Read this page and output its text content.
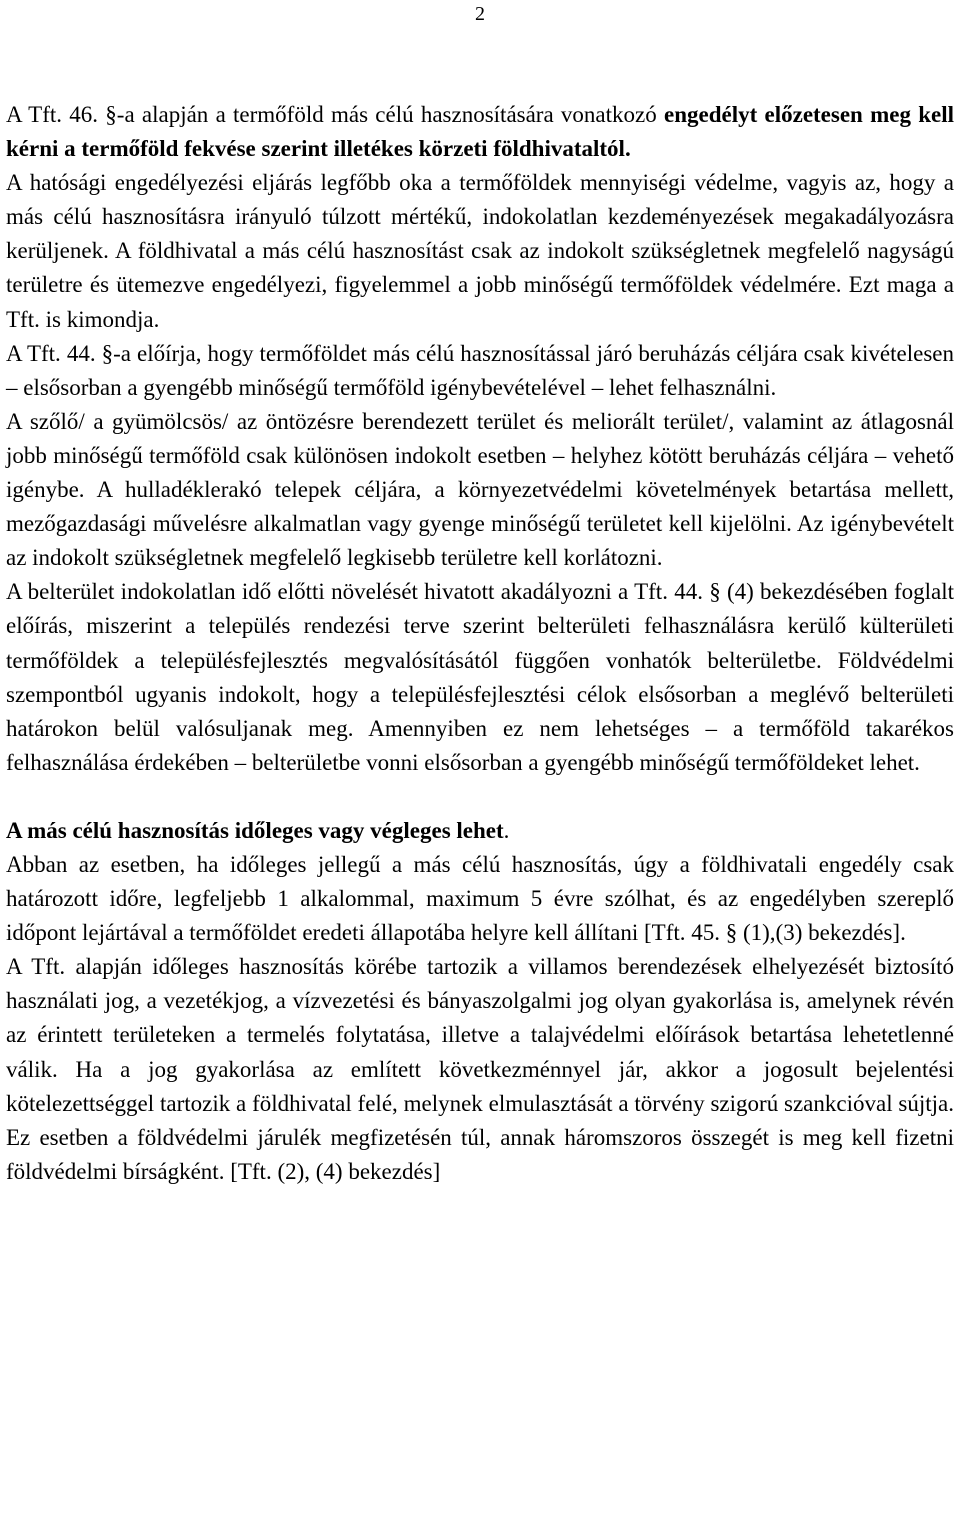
2

A Tft. 46. §-a alapján a termőföld más célú hasznosítására vonatkozó engedélyt előzetesen meg kell kérni a termőföld fekvése szerint illetékes körzeti földhivataltól.

A hatósági engedélyezési eljárás legfőbb oka a termőföldek mennyiségi védelme, vagyis az, hogy a más célú hasznosításra irányuló túlzott mértékű, indokolatlan kezdeményezések megakadályozásra kerüljenek. A földhivatal a más célú hasznosítást csak az indokolt szükségletnek megfelelő nagyságú területre és ütemezve engedélyezi, figyelemmel a jobb minőségű termőföldek védelmére. Ezt maga a Tft. is kimondja.

A Tft. 44. §-a előírja, hogy termőföldet más célú hasznosítással járó beruházás céljára csak kivételesen – elsősorban a gyengébb minőségű termőföld igénybevételével – lehet felhasználni.

A szőlő/ a gyümölcsös/ az öntözésre berendezett terület és meliorált terület/, valamint az átlagosnál jobb minőségű termőföld csak különösen indokolt esetben – helyhez kötött beruházás céljára – vehető igénybe. A hulladéklerakó telepek céljára, a környezetvédelmi követelmények betartása mellett, mezőgazdasági művelésre alkalmatlan vagy gyenge minőségű területet kell kijelölni. Az igénybevételt az indokolt szükségletnek megfelelő legkisebb területre kell korlátozni.

A belterület indokolatlan idő előtti növelését hivatott akadályozni a Tft. 44. § (4) bekezdésében foglalt előírás, miszerint a település rendezési terve szerint belterületi felhasználásra kerülő külterületi termőföldek a településfejlesztés megvalósításától függően vonhatók belterületbe. Földvédelmi szempontból ugyanis indokolt, hogy a településfejlesztési célok elsősorban a meglévő belterületi határokon belül valósuljanak meg. Amennyiben ez nem lehetséges – a termőföld takarékos felhasználása érdekében – belterületbe vonni elsősorban a gyengébb minőségű termőföldeket lehet.

A más célú hasznosítás időleges vagy végleges lehet.

Abban az esetben, ha időleges jellegű a más célú hasznosítás, úgy a földhivatali engedély csak határozott időre, legfeljebb 1 alkalommal, maximum 5 évre szólhat, és az engedélyben szereplő időpont lejártával a termőföldet eredeti állapotába helyre kell állítani [Tft. 45. § (1),(3) bekezdés].

A Tft. alapján időleges hasznosítás körébe tartozik a villamos berendezések elhelyezését biztosító használati jog, a vezetékjog, a vízvezetési és bányaszolgalmi jog olyan gyakorlása is, amelynek révén az érintett területeken a termelés folytatása, illetve a talajvédelmi előírások betartása lehetetlenné válik. Ha a jog gyakorlása az említett következménnyel jár, akkor a jogosult bejelentési kötelezettséggel tartozik a földhivatal felé, melynek elmulasztását a törvény szigorú szankcióval sújtja. Ez esetben a földvédelmi járulék megfizetésén túl, annak háromszoros összegét is meg kell fizetni földvédelmi bírságként. [Tft. (2), (4) bekezdés]
